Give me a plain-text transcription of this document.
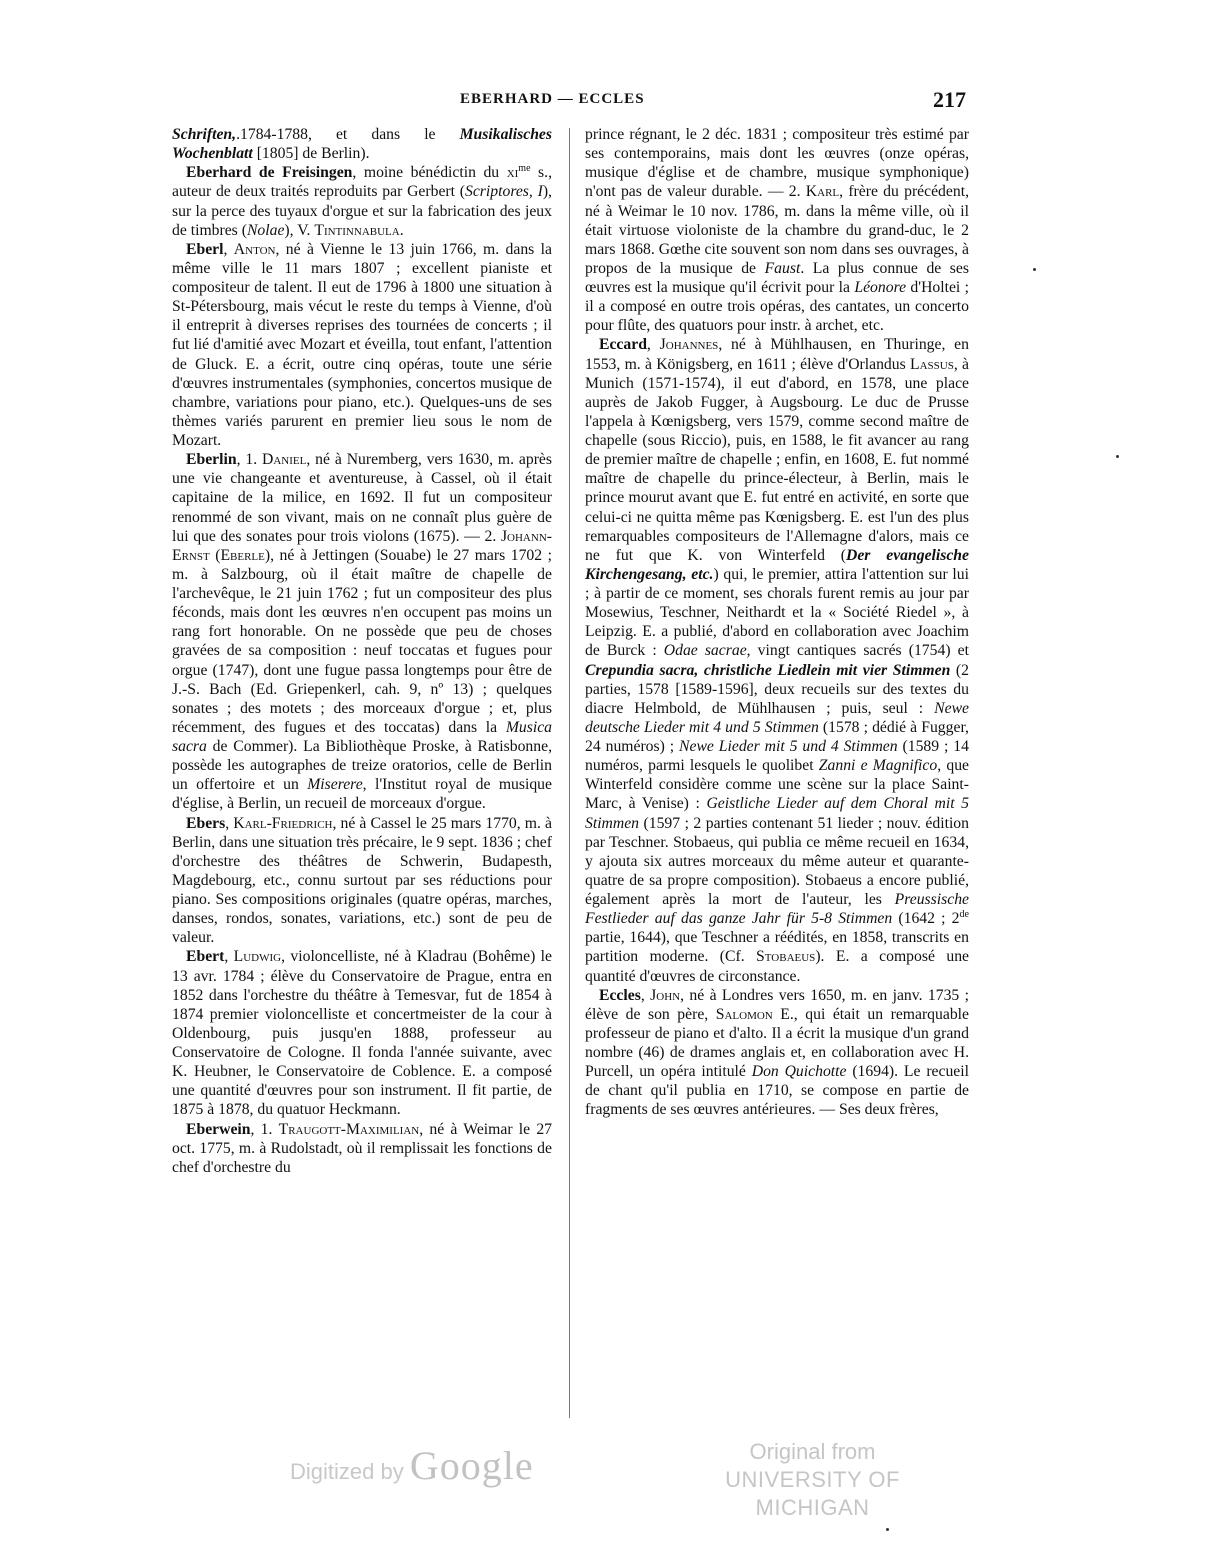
EBERHARD — ECCLES	217

Schriften,.1784-1788, et dans le Musikalisches Wochenblatt [1805] de Berlin).

Eberhard de Freisingen, moine bénédictin du $xi^{me}$ s., auteur de deux traités reproduits par Gerbert (Scriptores, I), sur la perce des tuyaux d'orgue et sur la fabrication des jeux de timbres (Nolae), V. Tintinnabula.

Eberl, Anton, né à Vienne le 13 juin 1766, m. dans la même ville le 11 mars 1807 ; excellent pianiste et compositeur de talent. Il eut de 1796 à 1800 une situation à St-Pétersbourg, mais vécut le reste du temps à Vienne, d'où il entreprit à diverses reprises des tournées de concerts ; il fut lié d'amitié avec Mozart et éveilla, tout enfant, l'attention de Gluck. E. a écrit, outre cinq opéras, toute une série d'œuvres instrumentales (symphonies, concertos musique de chambre, variations pour piano, etc.). Quelques-uns de ses thèmes variés parurent en premier lieu sous le nom de Mozart.

Eberlin, 1. Daniel, né à Nuremberg, vers 1630, m. après une vie changeante et aventureuse, à Cassel, où il était capitaine de la milice, en 1692. Il fut un compositeur renommé de son vivant, mais on ne connaît plus guère de lui que des sonates pour trois violons (1675). — 2. Johann-Ernst (Eberle), né à Jettingen (Souabe) le 27 mars 1702 ; m. à Salzbourg, où il était maître de chapelle de l'archevêque, le 21 juin 1762 ; fut un compositeur des plus féconds, mais dont les œuvres n'en occupent pas moins un rang fort honorable. On ne possède que peu de choses gravées de sa composition : neuf toccatas et fugues pour orgue (1747), dont une fugue passa longtemps pour être de J.-S. Bach (Ed. Griepenkerl, cah. 9, nº 13) ; quelques sonates ; des motets ; des morceaux d'orgue ; et, plus récemment, des fugues et des toccatas) dans la Musica sacra de Commer). La Bibliothèque Proske, à Ratisbonne, possède les autographes de treize oratorios, celle de Berlin un offertoire et un Miserere, l'Institut royal de musique d'église, à Berlin, un recueil de morceaux d'orgue.

Ebers, Karl-Friedrich, né à Cassel le 25 mars 1770, m. à Berlin, dans une situation très précaire, le 9 sept. 1836 ; chef d'orchestre des théâtres de Schwerin, Budapesth, Magdebourg, etc., connu surtout par ses réductions pour piano. Ses compositions originales (quatre opéras, marches, danses, rondos, sonates, variations, etc.) sont de peu de valeur.

Ebert, Ludwig, violoncelliste, né à Kladrau (Bohême) le 13 avr. 1784 ; élève du Conservatoire de Prague, entra en 1852 dans l'orchestre du théâtre à Temesvar, fut de 1854 à 1874 premier violoncelliste et concertmeister de la cour à Oldenbourg, puis jusqu'en 1888, professeur au Conservatoire de Cologne. Il fonda l'année suivante, avec K. Heubner, le Conservatoire de Coblence. E. a composé une quantité d'œuvres pour son instrument. Il fit partie, de 1875 à 1878, du quatuor Heckmann.

Eberwein, 1. Traugott-Maximilian, né à Weimar le 27 oct. 1775, m. à Rudolstadt, où il remplissait les fonctions de chef d'orchestre du

prince régnant, le 2 déc. 1831 ; compositeur très estimé par ses contemporains, mais dont les œuvres (onze opéras, musique d'église et de chambre, musique symphonique) n'ont pas de valeur durable. — 2. Karl, frère du précédent, né à Weimar le 10 nov. 1786, m. dans la même ville, où il était virtuose violoniste de la chambre du grand-duc, le 2 mars 1868. Gœthe cite souvent son nom dans ses ouvrages, à propos de la musique de Faust. La plus connue de ses œuvres est la musique qu'il écrivit pour la Léonore d'Holtei ; il a composé en outre trois opéras, des cantates, un concerto pour flûte, des quatuors pour instr. à archet, etc.

Eccard, Johannes, né à Mühlhausen, en Thuringe, en 1553, m. à Königsberg, en 1611 ; élève d'Orlandus Lassus, à Munich (1571-1574), il eut d'abord, en 1578, une place auprès de Jakob Fugger, à Augsbourg. Le duc de Prusse l'appela à Kœnigsberg, vers 1579, comme second maître de chapelle (sous Riccio), puis, en 1588, le fit avancer au rang de premier maître de chapelle ; enfin, en 1608, E. fut nommé maître de chapelle du prince-électeur, à Berlin, mais le prince mourut avant que E. fut entré en activité, en sorte que celui-ci ne quitta même pas Kœnigsberg. E. est l'un des plus remarquables compositeurs de l'Allemagne d'alors, mais ce ne fut que K. von Winterfeld (Der evangelische Kirchengesang, etc.) qui, le premier, attira l'attention sur lui ; à partir de ce moment, ses chorals furent remis au jour par Mosewius, Teschner, Neithardt et la « Société Riedel », à Leipzig. E. a publié, d'abord en collaboration avec Joachim de Burck : Odae sacrae, vingt cantiques sacrés (1754) et Crepundia sacra, christliche Liedlein mit vier Stimmen (2 parties, 1578 [1589-1596], deux recueils sur des textes du diacre Helmbold, de Mühlhausen ; puis, seul : Newe deutsche Lieder mit 4 und 5 Stimmen (1578 ; dédié à Fugger, 24 numéros) ; Newe Lieder mit 5 und 4 Stimmen (1589 ; 14 numéros, parmi lesquels le quolibet Zanni e Magnifico, que Winterfeld considère comme une scène sur la place Saint-Marc, à Venise) : Geistliche Lieder auf dem Choral mit 5 Stimmen (1597 ; 2 parties contenant 51 lieder ; nouv. édition par Teschner. Stobaeus, qui publia ce même recueil en 1634, y ajouta six autres morceaux du même auteur et quarante-quatre de sa propre composition). Stobaeus a encore publié, également après la mort de l'auteur, les Preussische Festlieder auf das ganze Jahr für 5-8 Stimmen (1642 ; 2de partie, 1644), que Teschner a réédités, en 1858, transcrits en partition moderne. (Cf. Stobaeus). E. a composé une quantité d'œuvres de circonstance.

Eccles, John, né à Londres vers 1650, m. en janv. 1735 ; élève de son père, Salomon E., qui était un remarquable professeur de piano et d'alto. Il a écrit la musique d'un grand nombre (46) de drames anglais et, en collaboration avec H. Purcell, un opéra intitulé Don Quichotte (1694). Le recueil de chant qu'il publia en 1710, se compose en partie de fragments de ses œuvres antérieures. — Ses deux frères,

Digitized by Google	Original from
UNIVERSITY OF MICHIGAN
